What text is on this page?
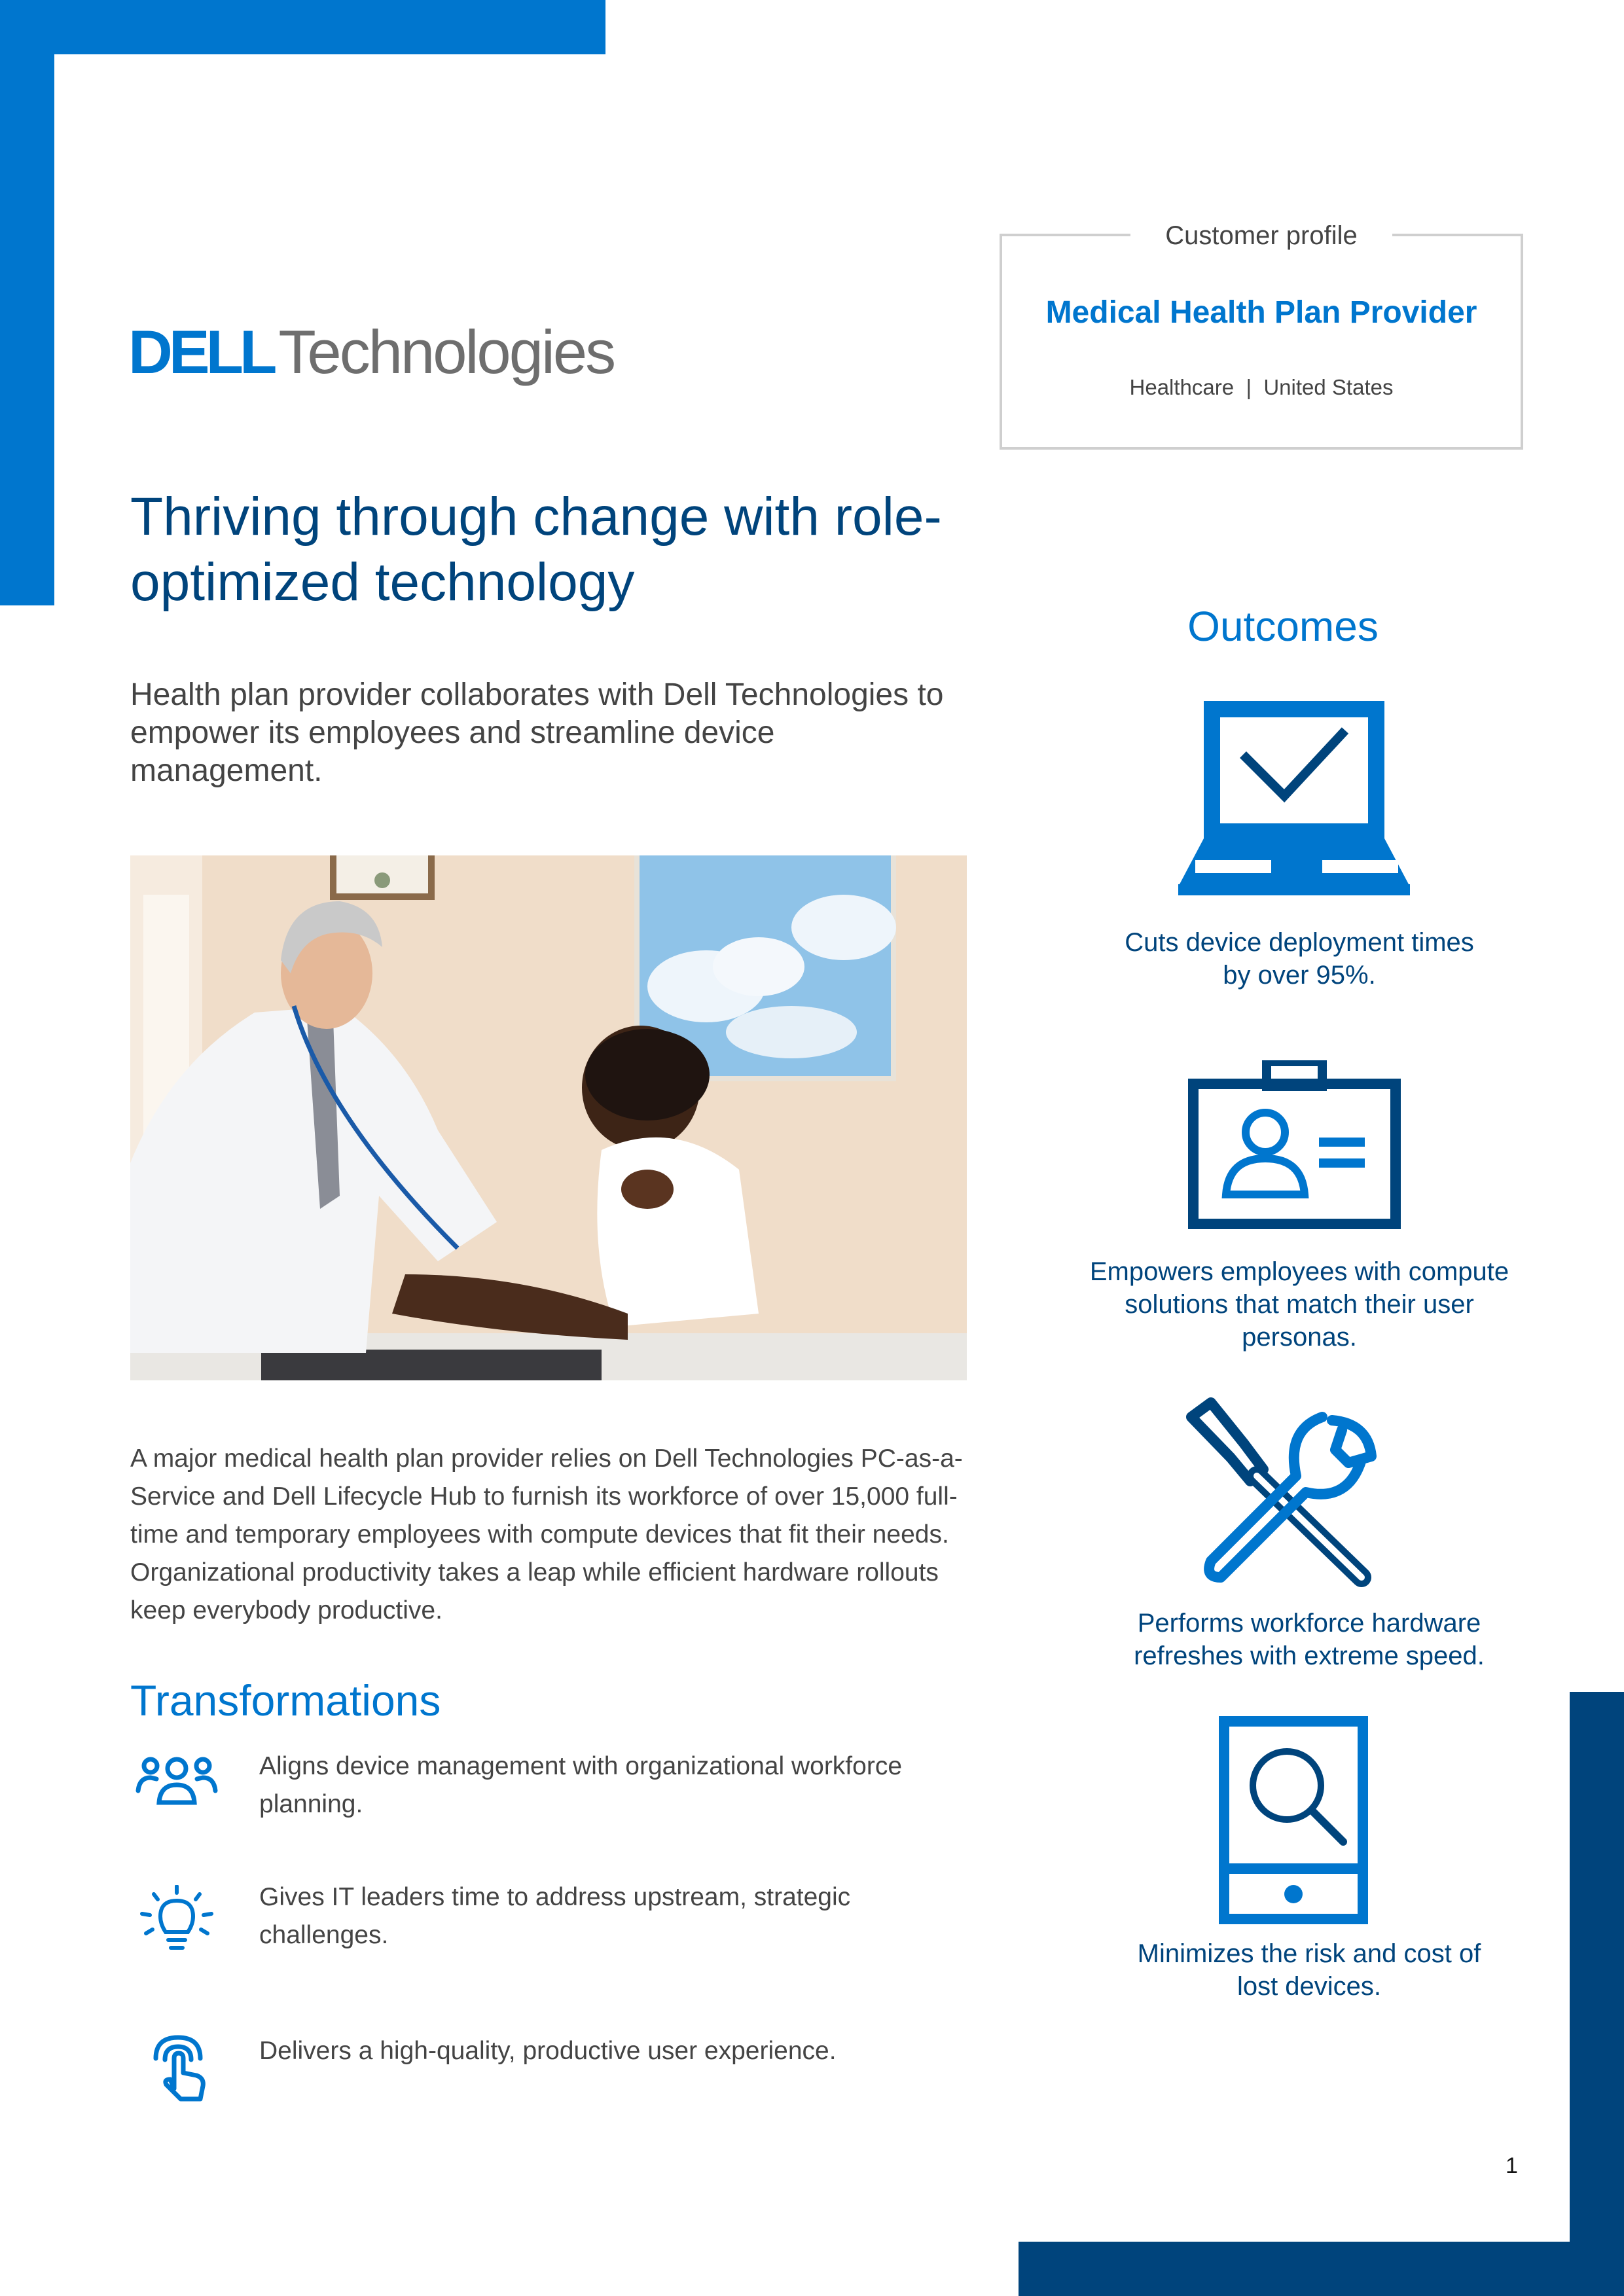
DELL Technologies
Customer profile
Medical Health Plan Provider
Healthcare  |  United States
Thriving through change with role-optimized technology
Health plan provider collaborates with Dell Technologies to empower its employees and streamline device management.
A major medical health plan provider relies on Dell Technologies PC-as-a-Service and Dell Lifecycle Hub to furnish its workforce of over 15,000 full-time and temporary employees with compute devices that fit their needs. Organizational productivity takes a leap while efficient hardware rollouts keep everybody productive.
Transformations
Aligns device management with organizational workforce planning.
Gives IT leaders time to address upstream, strategic challenges.
Delivers a high-quality, productive user experience.
Outcomes
Cuts device deployment times by over 95%.
Empowers employees with compute solutions that match their user personas.
Performs workforce hardware refreshes with extreme speed.
Minimizes the risk and cost of lost devices.
1
